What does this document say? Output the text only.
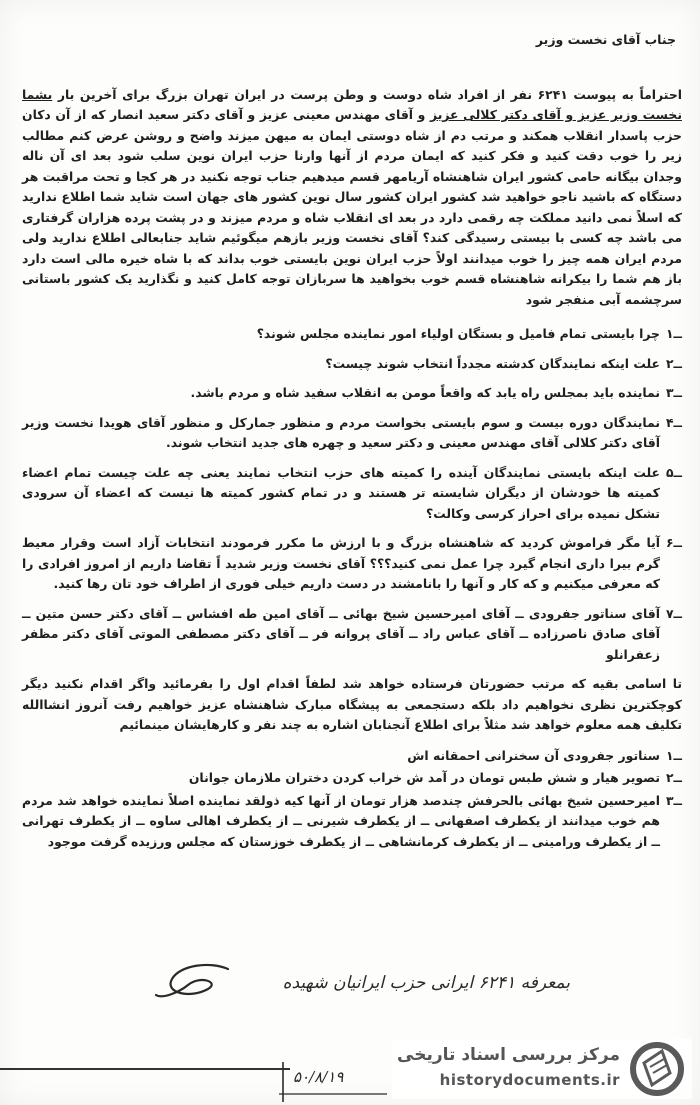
جناب آقای نخست وزیر

احتراماً به پیوست ۶۲۴۱ نفر از افراد شاه دوست و وطن پرست در ایران تهران بزرگ برای آخرین بار بشما نخست وزیر عزیز و آقای دکتر کلالی عزیز و آقای مهندس معینی عزیز و آقای دکتر سعید انصار که از آن دکان حزب پاسدار انقلاب همکند و مرتب دم از شاه دوستی ایمان به میهن میزند واضح و روشن عرض کنم مطالب زیر را خوب دقت کنید و فکر کنید که ایمان مردم از آنها وارنا حزب ایران نوین سلب شود بعد ای آن ناله وجدان بیگانه حامی کشور ایران شاهنشاه آریامهر قسم میدهیم جناب توجه نکنید در هر کجا و تحت مراقبت هر دستگاه که باشید ناجو خواهید شد کشور ایران کشور سال نوین کشور های جهان است شاید شما اطلاع ندارید که اسلاً نمی دانید مملکت چه رقمی دارد در بعد ای انقلاب شاه و مردم میزند و در پشت پرده هزاران گرفتاری می باشد چه کسی با بیستی رسیدگی کند؟ آقای نخست وزیر بازهم میگوئیم شاید جنابعالی اطلاع ندارید ولی مردم ایران همه چیز را خوب میدانند اولاً حزب ایران نوین بایستی خوب بداند که با شاه خیره مالی است دارد باز هم شما را بیکرانه شاهنشاه قسم خوب بخواهید ها سربازان توجه کامل کنید و نگذارید یک کشور باستانی سرچشمه آبی منفجر شود

۱ــ
چرا بایستی تمام فامیل و بستگان اولیاء امور نماینده مجلس شوند؟
۲ــ
علت اینکه نمایندگان کدشته مجدداً انتخاب شوند چیست؟
۳ــ
نماینده باید بمجلس راه یابد که واقعاً مومن به انقلاب سفید شاه و مردم باشد.
۴ــ
نمایندگان دوره بیست و سوم بایستی بخواست مردم و منظور جمارکل و منظور آقای هویدا نخست وزیر آقای دکتر کلالی آقای مهندس معینی و دکتر سعید و چهره های جدید انتخاب شوند.
۵ــ
علت اینکه بایستی نمایندگان آینده را کمیته های حزب انتخاب نمایند یعنی چه علت چیست تمام اعضاء کمیته ها خودشان از دیگران شایسته تر هستند و در تمام کشور کمیته ها نیست که اعضاء آن سرودی تشکل نمیده برای احراز کرسی وکالت؟
۶ــ
آیا مگر فراموش کردید که شاهنشاه بزرگ و با ارزش ما مکرر فرمودند انتخابات آزاد است وقرار معیط گرم بیرا داری انجام گیرد چرا عمل نمی کنید؟؟؟ آقای نخست وزیر شدید اً تقاضا داریم از امروز افرادی را که معرفی میکنیم و که کار و آنها را بانامشند در دست داریم خیلی فوری از اطراف خود تان رها کنید.
۷ــ
آقای سناتور جفرودی ــ آقای امیرحسین شیخ بهائی ــ آقای امین طه افشاس ــ آقای دکتر حسن متین ــ آقای صادق ناصرزاده ــ آقای عباس راد ــ آقای پروانه فر ــ آقای دکتر مصطفی الموتی آقای دکتر مظفر زعفرانلو

تا اسامی بقیه که مرتب حضورتان فرستاده خواهد شد لطفاً اقدام اول را بفرمائید واگر اقدام نکنید دیگر کوچکترین نظری نخواهیم داد بلکه دستجمعی به پیشگاه مبارک شاهنشاه عزیز خواهیم رفت آنروز انشاالله تکلیف همه معلوم خواهد شد مثلاً برای اطلاع آنجنابان اشاره به چند نفر و کارهایشان مینمائیم

۱ــ
سناتور جفرودی آن سخنرانی احمقانه اش
۲ــ
تصویر هیار و شش طبس تومان در آمد ش خراب کردن دختران ملازمان جوانان
۳ــ
امیرحسین شیخ بهائی بالحرفش چندصد هزار تومان از آنها کیه ذولقد نماینده اصلاً نماینده خواهد شد مردم هم خوب میدانند از یکطرف اصفهانی ــ از یکطرف شیرنی ــ از یکطرف اهالی ساوه ــ از یکطرف تهرانی ــ از یکطرف ورامینی ــ از یکطرف کرمانشاهی ــ از یکطرف خوزستان که مجلس ورزیده گرفت موجود
بمعرفه ۶۲۴۱ ایرانی حزب ایرانیان شهیده
۵۰/۸/۱۹
مرکز بررسی اسناد تاریخی
historydocuments.ir
